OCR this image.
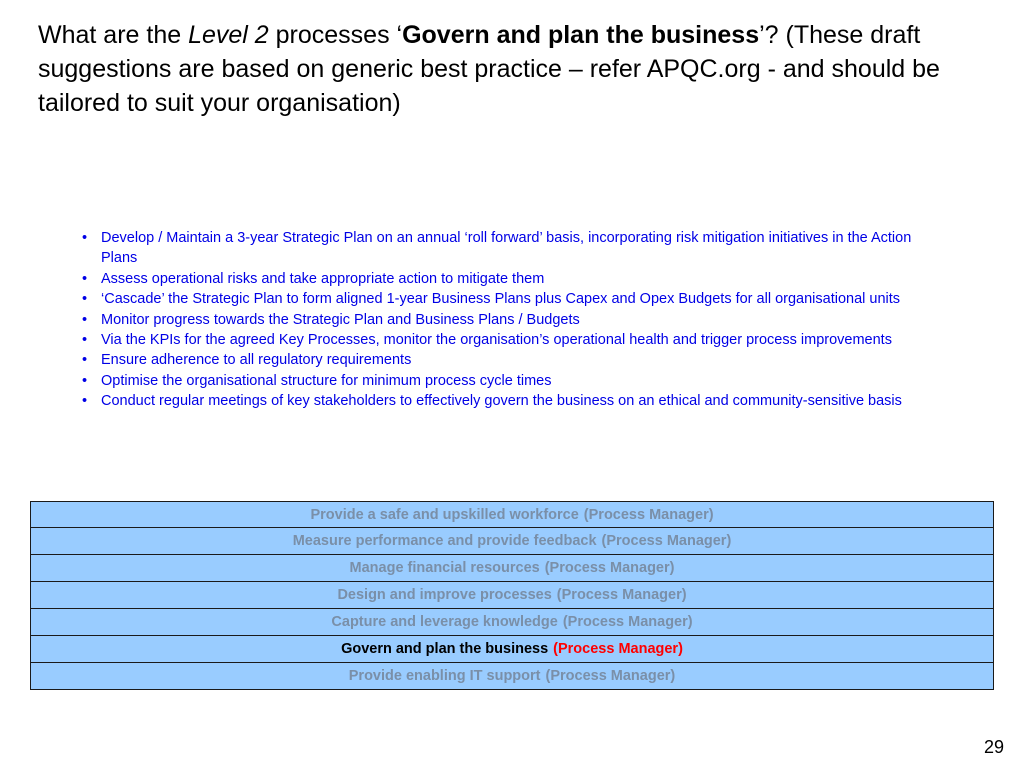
What are the Level 2 processes ‘Govern and plan the business’? (These draft suggestions are based on generic best practice – refer APQC.org - and should be tailored to suit your organisation)
• Develop / Maintain a 3-year Strategic Plan on an annual ‘roll forward’ basis, incorporating risk mitigation initiatives in the Action Plans
• Assess operational risks and take appropriate action to mitigate them
• ‘Cascade’ the Strategic Plan to form aligned 1-year Business Plans plus Capex and Opex Budgets for all organisational units
• Monitor progress towards the Strategic Plan and Business Plans / Budgets
• Via the KPIs for the agreed Key Processes, monitor the organisation’s operational health and trigger process improvements
• Ensure adherence to all regulatory requirements
• Optimise the organisational structure for minimum process cycle times
• Conduct regular meetings of key stakeholders to effectively govern the business on an ethical and community-sensitive basis
Provide a safe and upskilled workforce (Process Manager)
Measure performance and provide feedback (Process Manager)
Manage financial resources (Process Manager)
Design and improve processes (Process Manager)
Capture and leverage knowledge (Process Manager)
Govern and plan the business (Process Manager)
Provide enabling IT support (Process Manager)
29
